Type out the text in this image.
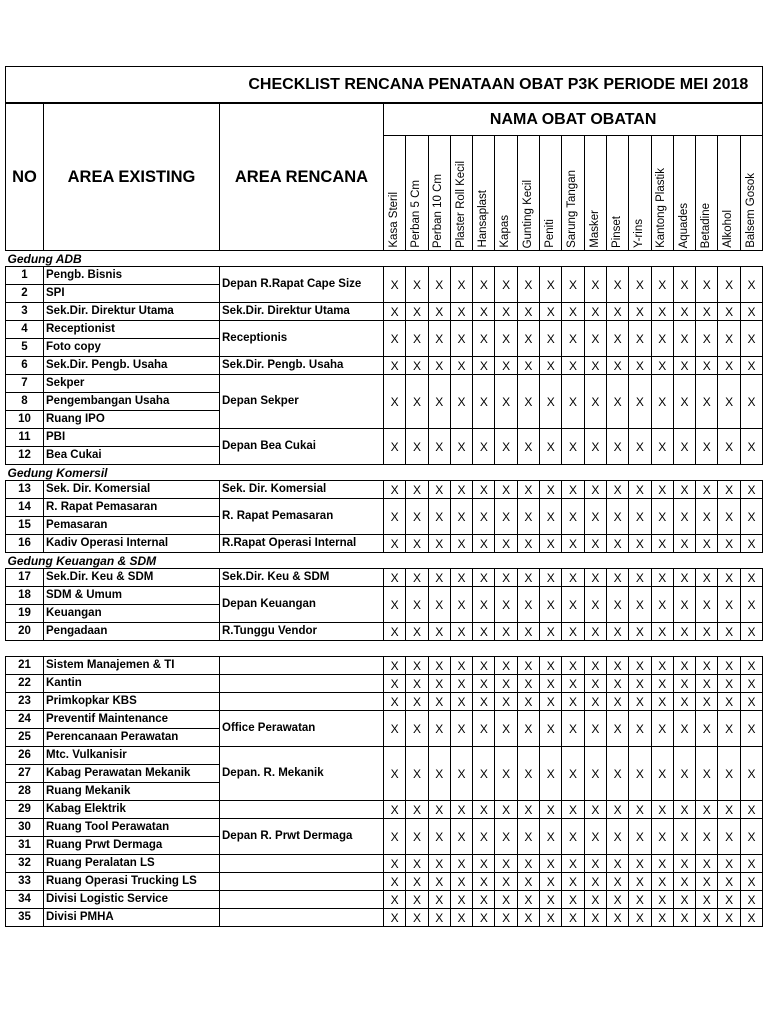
CHECKLIST RENCANA PENATAAN OBAT P3K PERIODE MEI 2018																			
NO	AREA EXISTING	AREA RENCANA	NAMA OBAT OBATAN																

			Kasa Steril	Perban 5 Cm	Perban 10 Cm	Plaster Roll Kecil	Hansaplast	Kapas	Gunting Kecil	Peniti	Sarung Tangan	Masker	Pinset	Y-rins	Kantong Plastik	Aquades	Betadine	Alkohol	Balsem Gosok

Gedung ADB																			
1	Pengb. Bisnis	Depan R.Rapat Cape Size	X	X	X	X	X	X	X	X	X	X	X	X	X	X	X	X	X
2	SPI																		
3	Sek.Dir. Direktur Utama	Sek.Dir. Direktur Utama	X	X	X	X	X	X	X	X	X	X	X	X	X	X	X	X	X
4	Receptionist	Receptionis	X	X	X	X	X	X	X	X	X	X	X	X	X	X	X	X	X
5	Foto copy																		
6	Sek.Dir. Pengb. Usaha	Sek.Dir. Pengb. Usaha	X	X	X	X	X	X	X	X	X	X	X	X	X	X	X	X	X
7	Sekper	Depan Sekper	X	X	X	X	X	X	X	X	X	X	X	X	X	X	X	X	X
8	Pengembangan Usaha																		
10	Ruang IPO																		
11	PBI	Depan Bea Cukai	X	X	X	X	X	X	X	X	X	X	X	X	X	X	X	X	X
12	Bea Cukai																		
Gedung Komersil																			
13	Sek. Dir. Komersial	Sek. Dir. Komersial	X	X	X	X	X	X	X	X	X	X	X	X	X	X	X	X	X
14	R. Rapat Pemasaran	R. Rapat Pemasaran	X	X	X	X	X	X	X	X	X	X	X	X	X	X	X	X	X
15	Pemasaran																		
16	Kadiv Operasi Internal	R.Rapat Operasi Internal	X	X	X	X	X	X	X	X	X	X	X	X	X	X	X	X	X
Gedung Keuangan & SDM																			
17	Sek.Dir. Keu & SDM	Sek.Dir. Keu & SDM	X	X	X	X	X	X	X	X	X	X	X	X	X	X	X	X	X
18	SDM & Umum	Depan Keuangan	X	X	X	X	X	X	X	X	X	X	X	X	X	X	X	X	X
19	Keuangan																		
20	Pengadaan	R.Tunggu Vendor	X	X	X	X	X	X	X	X	X	X	X	X	X	X	X	X	X

21	Sistem Manajemen & TI		X	X	X	X	X	X	X	X	X	X	X	X	X	X	X	X	X
22	Kantin		X	X	X	X	X	X	X	X	X	X	X	X	X	X	X	X	X
23	Primkopkar KBS		X	X	X	X	X	X	X	X	X	X	X	X	X	X	X	X	X
24	Preventif Maintenance	Office Perawatan	X	X	X	X	X	X	X	X	X	X	X	X	X	X	X	X	X
25	Perencanaan Perawatan																		
26	Mtc. Vulkanisir	Depan. R. Mekanik	X	X	X	X	X	X	X	X	X	X	X	X	X	X	X	X	X
27	Kabag Perawatan Mekanik																		
28	Ruang Mekanik																		
29	Kabag Elektrik		X	X	X	X	X	X	X	X	X	X	X	X	X	X	X	X	X
30	Ruang Tool Perawatan	Depan R. Prwt Dermaga	X	X	X	X	X	X	X	X	X	X	X	X	X	X	X	X	X
31	Ruang Prwt Dermaga																		
32	Ruang Peralatan LS		X	X	X	X	X	X	X	X	X	X	X	X	X	X	X	X	X
33	Ruang Operasi Trucking LS		X	X	X	X	X	X	X	X	X	X	X	X	X	X	X	X	X
34	Divisi Logistic Service		X	X	X	X	X	X	X	X	X	X	X	X	X	X	X	X	X
35	Divisi PMHA		X	X	X	X	X	X	X	X	X	X	X	X	X	X	X	X	X
